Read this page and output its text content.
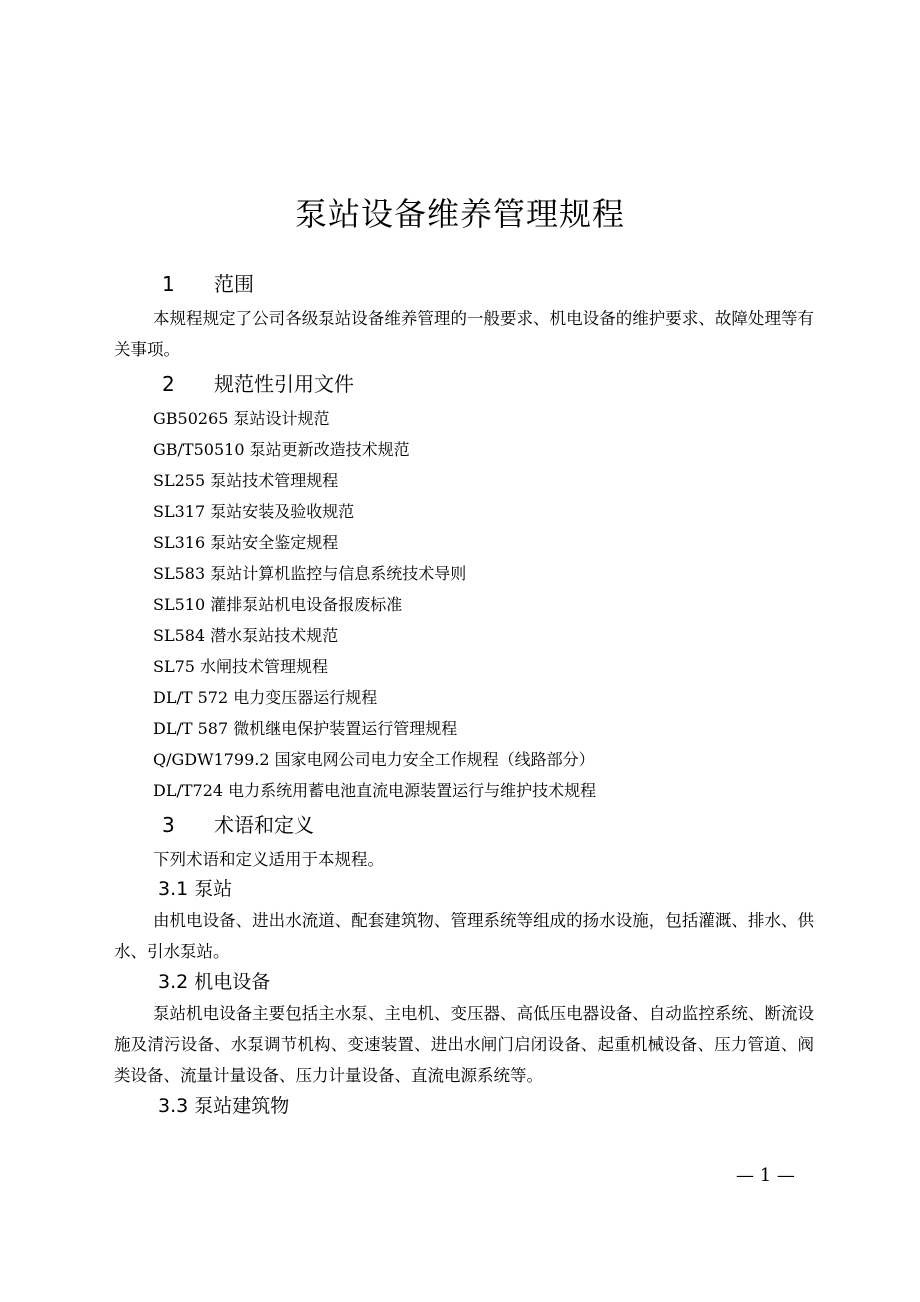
泵站设备维养管理规程
1 范围

本规程规定了公司各级泵站设备维养管理的一般要求、机电设备的维护要求、故障处理等有关事项。

2 规范性引用文件
GB50265 泵站设计规范
GB/T50510 泵站更新改造技术规范
SL255 泵站技术管理规程
SL317 泵站安装及验收规范
SL316 泵站安全鉴定规程
SL583 泵站计算机监控与信息系统技术导则
SL510 灌排泵站机电设备报废标准
SL584 潜水泵站技术规范
SL75 水闸技术管理规程
DL/T 572 电力变压器运行规程
DL/T 587 微机继电保护装置运行管理规程
Q/GDW1799.2 国家电网公司电力安全工作规程（线路部分）
DL/T724 电力系统用蓄电池直流电源装置运行与维护技术规程
3 术语和定义

下列术语和定义适用于本规程。

3.1 泵站

由机电设备、进出水流道、配套建筑物、管理系统等组成的扬水设施，包括灌溉、排水、供水、引水泵站。

3.2 机电设备

泵站机电设备主要包括主水泵、主电机、变压器、高低压电器设备、自动监控系统、断流设施及清污设备、水泵调节机构、变速装置、进出水闸门启闭设备、起重机械设备、压力管道、阀类设备、流量计量设备、压力计量设备、直流电源系统等。

3.3 泵站建筑物
— 1 —
